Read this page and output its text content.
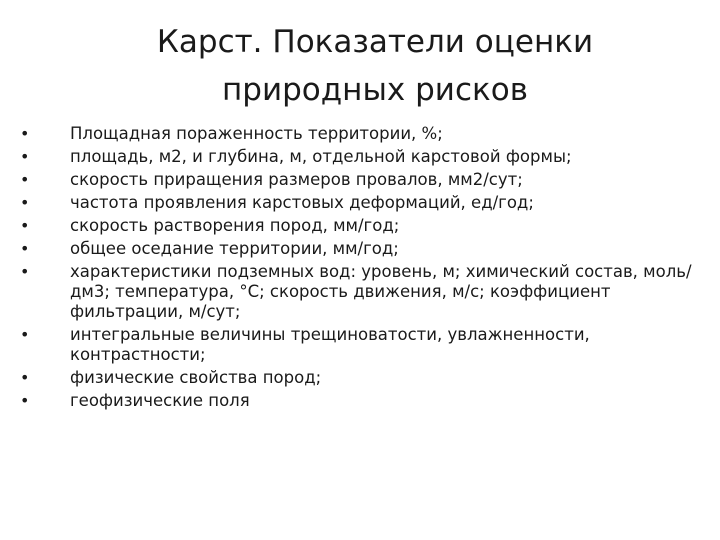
Карст. Показатели оценки природных рисков
• Площадная пораженность территории, %;
• площадь, м2, и глубина, м, отдельной карстовой формы;
• скорость приращения размеров провалов, мм2/сут;
• частота проявления карстовых деформаций, ед/год;
• скорость растворения пород, мм/год;
• общее оседание территории, мм/год;
• характеристики подземных вод: уровень, м; химический состав, моль/дм3; температура, °С; скорость движения, м/с; коэффициент фильтрации, м/сут;
• интегральные величины трещиноватости, увлажненности, контрастности;
• физические свойства пород;
• геофизические поля
